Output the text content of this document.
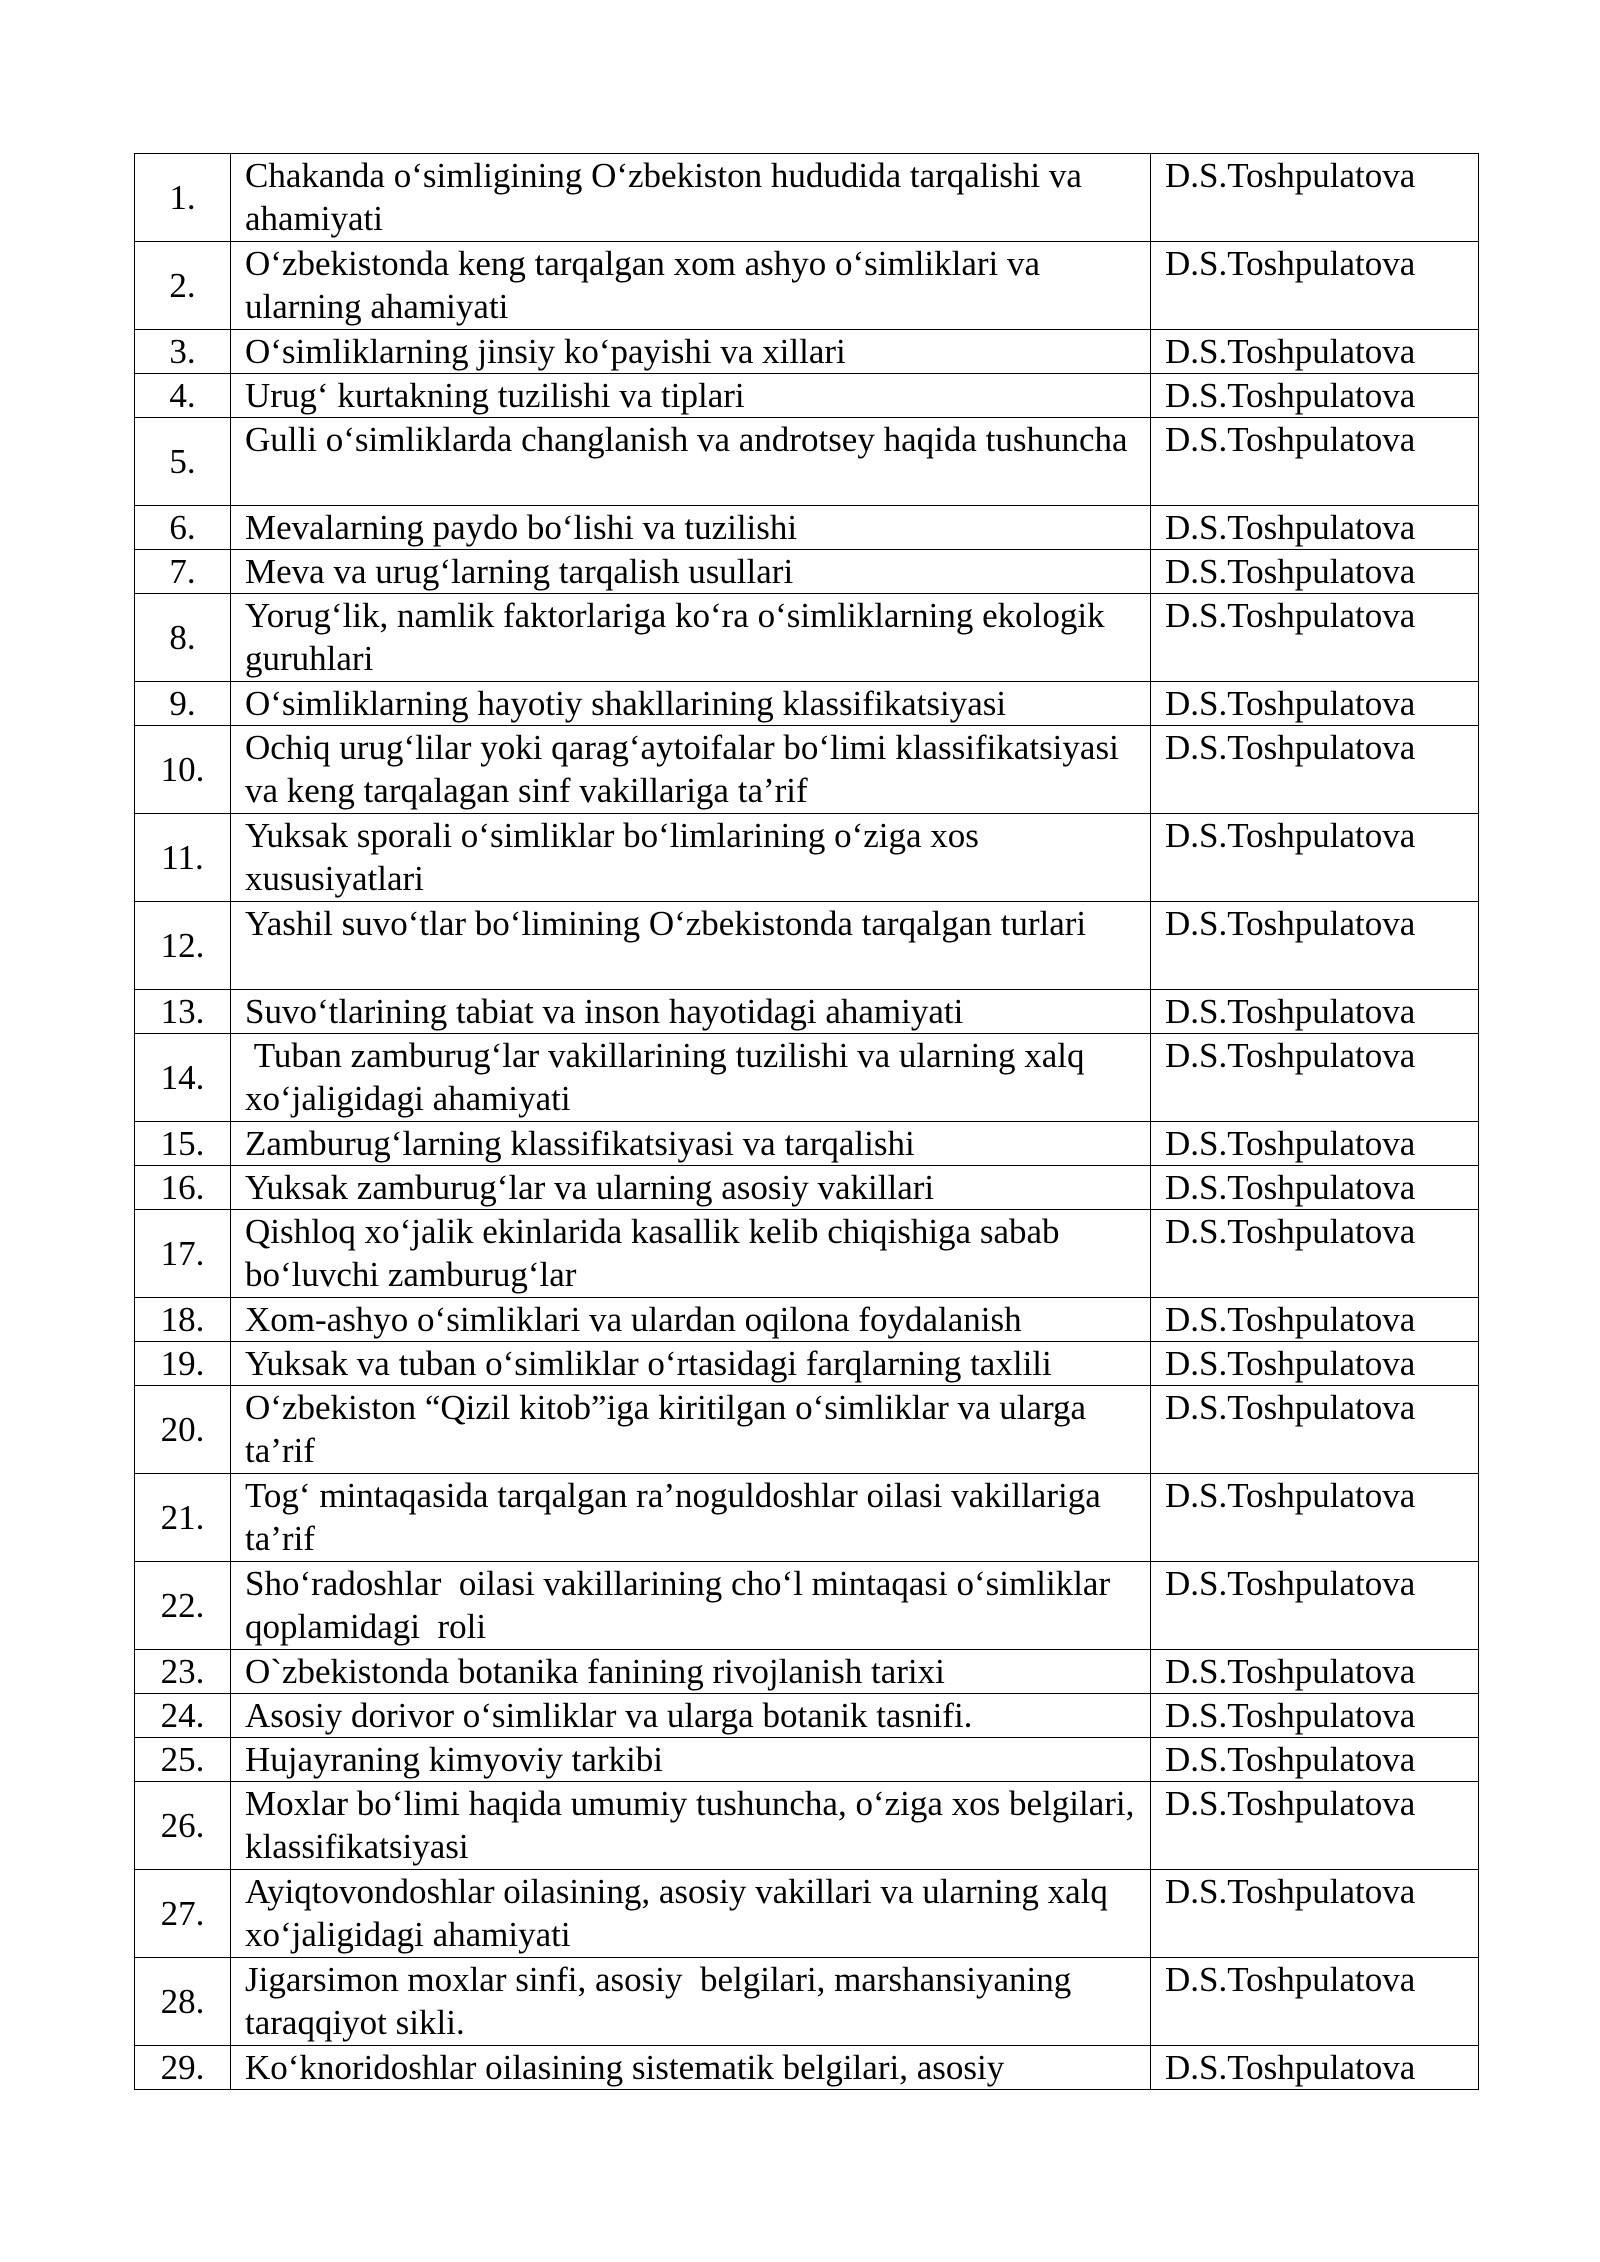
1.	Chakanda o‘simligining O‘zbekiston hududida tarqalishi va ahamiyati	D.S.Toshpulatova
2.	O‘zbekistonda keng tarqalgan xom ashyo o‘simliklari va ularning ahamiyati	D.S.Toshpulatova
3.	O‘simliklarning jinsiy ko‘payishi va xillari	D.S.Toshpulatova
4.	Urug‘ kurtakning tuzilishi va tiplari	D.S.Toshpulatova
5.	Gulli o‘simliklarda changlanish va androtsey haqida tushuncha	D.S.Toshpulatova
6.	Mevalarning paydo bo‘lishi va tuzilishi	D.S.Toshpulatova
7.	Meva va urug‘larning tarqalish usullari	D.S.Toshpulatova
8.	Yorug‘lik, namlik faktorlariga ko‘ra o‘simliklarning ekologik guruhlari	D.S.Toshpulatova
9.	O‘simliklarning hayotiy shakllarining klassifikatsiyasi	D.S.Toshpulatova
10.	Ochiq urug‘lilar yoki qarag‘aytoifalar bo‘limi klassifikatsiyasi va keng tarqalagan sinf vakillariga ta’rif	D.S.Toshpulatova
11.	Yuksak sporali o‘simliklar bo‘limlarining o‘ziga xos xususiyatlari	D.S.Toshpulatova
12.	Yashil suvo‘tlar bo‘limining O‘zbekistonda tarqalgan turlari	D.S.Toshpulatova
13.	Suvo‘tlarining tabiat va inson hayotidagi ahamiyati	D.S.Toshpulatova
14.	Tuban zamburug‘lar vakillarining tuzilishi va ularning xalq xo‘jaligidagi ahamiyati	D.S.Toshpulatova
15.	Zamburug‘larning klassifikatsiyasi va tarqalishi	D.S.Toshpulatova
16.	Yuksak zamburug‘lar va ularning asosiy vakillari	D.S.Toshpulatova
17.	Qishloq xo‘jalik ekinlarida kasallik kelib chiqishiga sabab bo‘luvchi zamburug‘lar	D.S.Toshpulatova
18.	Xom-ashyo o‘simliklari va ulardan oqilona foydalanish	D.S.Toshpulatova
19.	Yuksak va tuban o‘simliklar o‘rtasidagi farqlarning taxlili	D.S.Toshpulatova
20.	O‘zbekiston “Qizil kitob”iga kiritilgan o‘simliklar va ularga ta’rif	D.S.Toshpulatova
21.	Tog‘ mintaqasida tarqalgan ra’noguldoshlar oilasi vakillariga ta’rif	D.S.Toshpulatova
22.	Sho‘radoshlar  oilasi vakillarining cho‘l mintaqasi o‘simliklar qoplamidagi  roli	D.S.Toshpulatova
23.	O`zbekistonda botanika fanining rivojlanish tarixi	D.S.Toshpulatova
24.	Asosiy dorivor o‘simliklar va ularga botanik tasnifi.	D.S.Toshpulatova
25.	Hujayraning kimyoviy tarkibi	D.S.Toshpulatova
26.	Moxlar bo‘limi haqida umumiy tushuncha, o‘ziga xos belgilari, klassifikatsiyasi	D.S.Toshpulatova
27.	Ayiqtovondoshlar oilasining, asosiy vakillari va ularning xalq xo‘jaligidagi ahamiyati	D.S.Toshpulatova
28.	Jigarsimon moxlar sinfi, asosiy  belgilari, marshansiyaning taraqqiyot sikli.	D.S.Toshpulatova
29.	Ko‘knoridoshlar oilasining sistematik belgilari, asosiy	D.S.Toshpulatova
